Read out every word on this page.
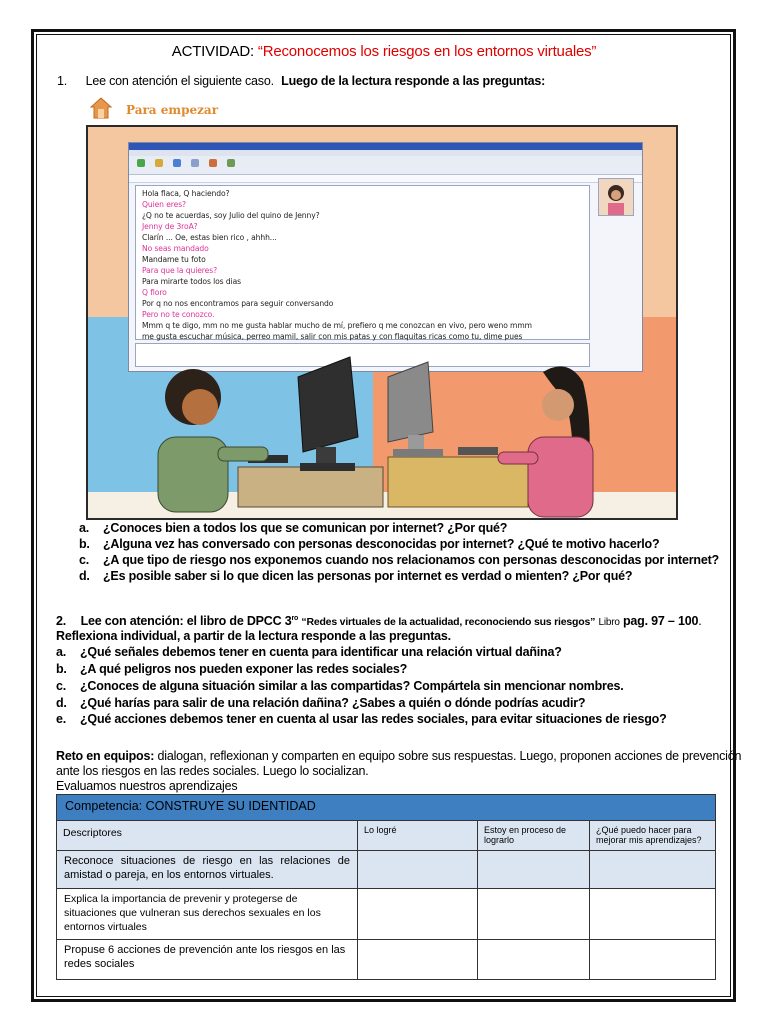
ACTIVIDAD: “Reconocemos los riesgos en los entornos virtuales”
1. Lee con atención el siguiente caso. Luego de la lectura responde a las preguntas:
Para empezar
Hola flaca, Q haciendo?
Quien eres?
¿Q no te acuerdas, soy Julio del quino de Jenny?
Jenny de 3roA?
Clarín ... Oe, estas bien rico , ahhh...
No seas mandado
Mandame tu foto
Para que la quieres?
Para mirarte todos los dias
Q floro
Por q no nos encontramos para seguir conversando
Pero no te conozco.
Mmm q te digo, mm no me gusta hablar mucho de mí, prefiero q me conozcan en vivo, pero weno mmm
me gusta escuchar música, perreo mamil, salir con mis patas y con flaquitas ricas como tu, dime pues
a. ¿Conoces bien a todos los que se comunican por internet? ¿Por qué?
b. ¿Alguna vez has conversado con personas desconocidas por internet? ¿Qué te motivo hacerlo?
c. ¿A que tipo de riesgo nos exponemos cuando nos relacionamos con personas desconocidas por internet?
d. ¿Es posible saber si lo que dicen las personas por internet es verdad o mienten? ¿Por qué?
2. Lee con atención: el libro de DPCC $3^{ro}$ “Redes virtuales de la actualidad, reconociendo sus riesgos” Libro pag. 97 – 100.
Reflexiona individual, a partir de la lectura responde a las preguntas.
a. ¿Qué señales debemos tener en cuenta para identificar una relación virtual dañina?
b. ¿A qué peligros nos pueden exponer las redes sociales?
c. ¿Conoces de alguna situación similar a las compartidas? Compártela sin mencionar nombres.
d. ¿Qué harías para salir de una relación dañina? ¿Sabes a quién o dónde podrías acudir?
e. ¿Qué acciones debemos tener en cuenta al usar las redes sociales, para evitar situaciones de riesgo?
Reto en equipos: dialogan, reflexionan y comparten en equipo sobre sus respuestas. Luego, proponen acciones de prevención
ante los riesgos en las redes sociales. Luego lo socializan.
Evaluamos nuestros aprendizajes
Competencia: CONSTRUYE SU IDENTIDAD			
Descriptores	Lo logré	Estoy en proceso de lograrlo	¿Qué puedo hacer para mejorar mis aprendizajes?
Reconoce situaciones de riesgo en las relaciones de amistad o pareja, en los entornos virtuales.			
Explica la importancia de prevenir y protegerse de situaciones que vulneran sus derechos sexuales en los entornos virtuales			
Propuse 6 acciones de prevención ante los riesgos en las redes sociales			
